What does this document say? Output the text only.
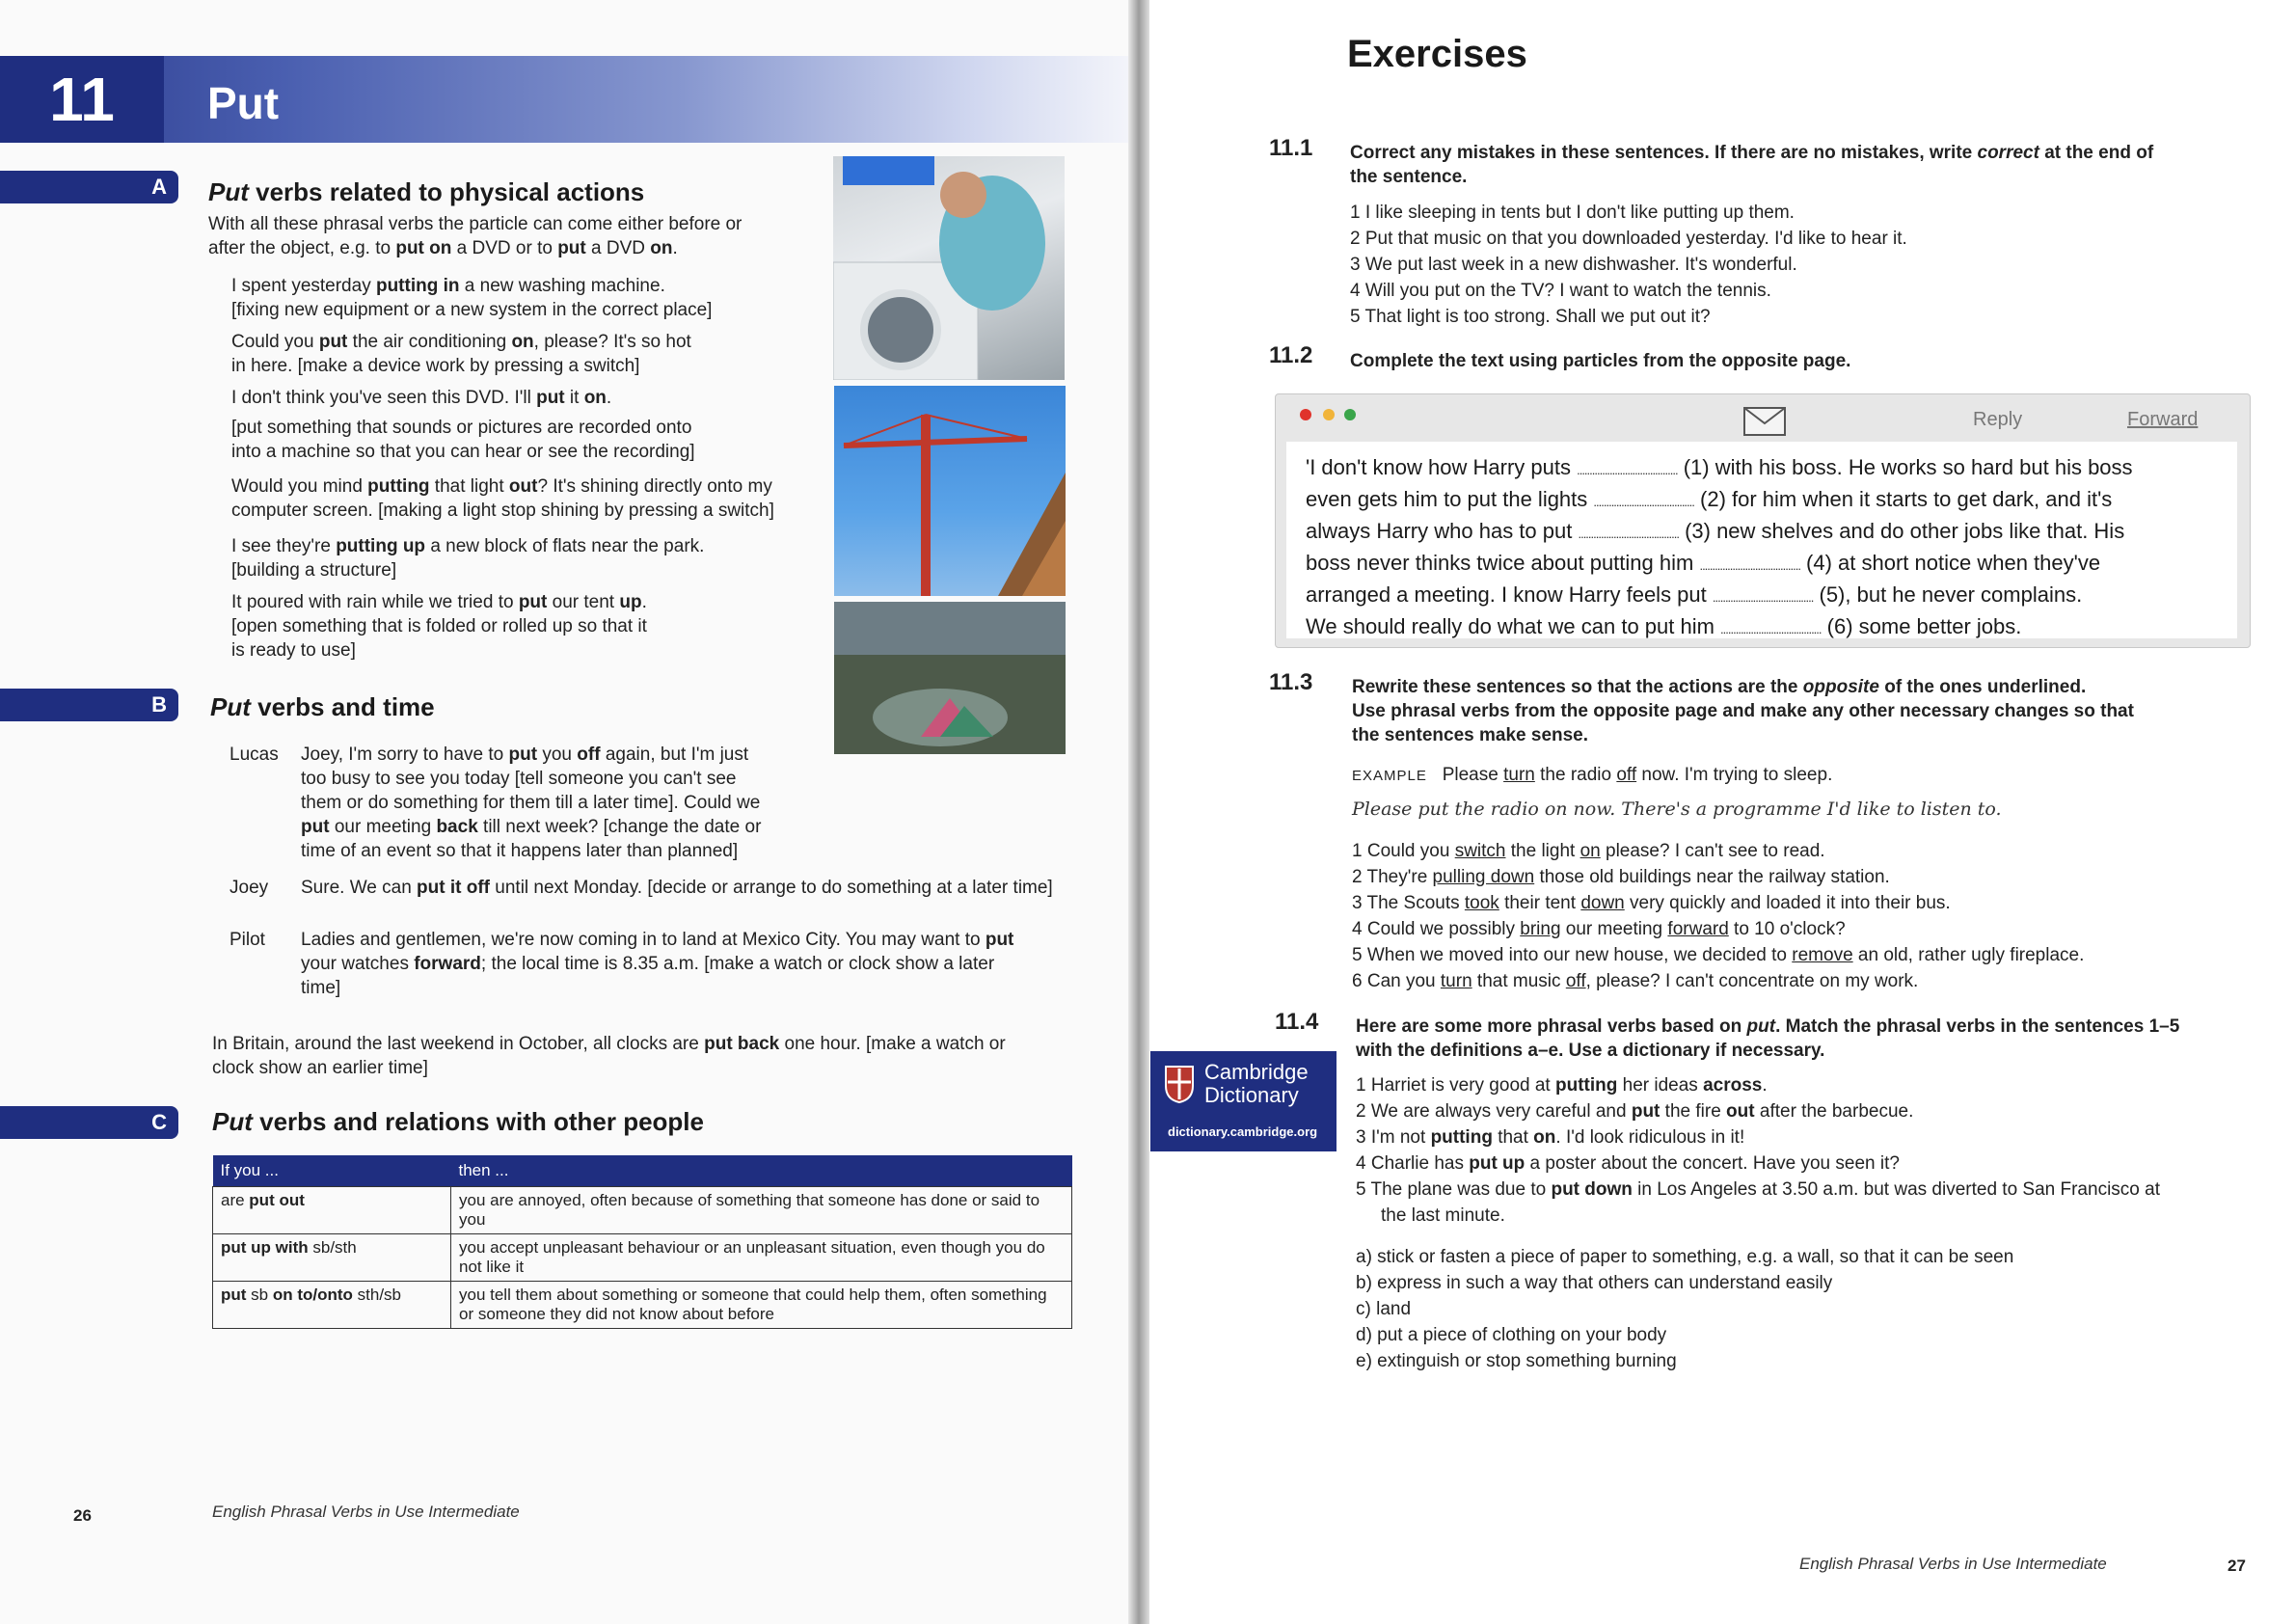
11	Put
A	Put verbs related to physical actions
With all these phrasal verbs the particle can come either before or
after the object, e.g. to put on a DVD or to put a DVD on.
I spent yesterday putting in a new washing machine.
[fixing new equipment or a new system in the correct place]
Could you put the air conditioning on, please? It's so hot
in here. [make a device work by pressing a switch]
I don't think you've seen this DVD. I'll put it on.
[put something that sounds or pictures are recorded onto
into a machine so that you can hear or see the recording]
Would you mind putting that light out? It's shining directly onto my
computer screen. [making a light stop shining by pressing a switch]
I see they're putting up a new block of flats near the park.
[building a structure]
It poured with rain while we tried to put our tent up.
[open something that is folded or rolled up so that it
is ready to use]
B	Put verbs and time
Lucas Joey, I'm sorry to have to put you off again, but I'm just
too busy to see you today [tell someone you can't see
them or do something for them till a later time]. Could we
put our meeting back till next week? [change the date or
time of an event so that it happens later than planned]
Joey Sure. We can put it off until next Monday. [decide or arrange to do something at a later time]
Pilot Ladies and gentlemen, we're now coming in to land at Mexico City. You may want to put
your watches forward; the local time is 8.35 a.m. [make a watch or clock show a later
time]
In Britain, around the last weekend in October, all clocks are put back one hour. [make a watch or
clock show an earlier time]
C	Put verbs and relations with other people
If you ...	then ...
are put out	you are annoyed, often because of something that someone has done or said to you
put up with sb/sth	you accept unpleasant behaviour or an unpleasant situation, even though you do not like it
put sb on to/onto sth/sb	you tell them about something or someone that could help them, often something or someone they did not know about before
26	English Phrasal Verbs in Use Intermediate
Exercises
11.1 Correct any mistakes in these sentences. If there are no mistakes, write correct at the end of
the sentence.
1 I like sleeping in tents but I don't like putting up them.
2 Put that music on that you downloaded yesterday. I'd like to hear it.
3 We put last week in a new dishwasher. It's wonderful.
4 Will you put on the TV? I want to watch the tennis.
5 That light is too strong. Shall we put out it?
11.2 Complete the text using particles from the opposite page.
Reply	Forward
'I don't know how Harry puts ........................................ (1) with his boss. He works so hard but his boss
even gets him to put the lights ........................................ (2) for him when it starts to get dark, and it's
always Harry who has to put ........................................ (3) new shelves and do other jobs like that. His
boss never thinks twice about putting him ........................................ (4) at short notice when they've
arranged a meeting. I know Harry feels put ........................................ (5), but he never complains.
We should really do what we can to put him ........................................ (6) some better jobs.
11.3 Rewrite these sentences so that the actions are the opposite of the ones underlined.
Use phrasal verbs from the opposite page and make any other necessary changes so that
the sentences make sense.
EXAMPLE Please turn the radio off now. I'm trying to sleep.
Please put the radio on now. There's a programme I'd like to listen to.
1 Could you switch the light on please? I can't see to read.
2 They're pulling down those old buildings near the railway station.
3 The Scouts took their tent down very quickly and loaded it into their bus.
4 Could we possibly bring our meeting forward to 10 o'clock?
5 When we moved into our new house, we decided to remove an old, rather ugly fireplace.
6 Can you turn that music off, please? I can't concentrate on my work.
Cambridge
Dictionary
dictionary.cambridge.org
11.4 Here are some more phrasal verbs based on put. Match the phrasal verbs in the sentences 1–5
with the definitions a–e. Use a dictionary if necessary.
1 Harriet is very good at putting her ideas across.
2 We are always very careful and put the fire out after the barbecue.
3 I'm not putting that on. I'd look ridiculous in it!
4 Charlie has put up a poster about the concert. Have you seen it?
5 The plane was due to put down in Los Angeles at 3.50 a.m. but was diverted to San Francisco at
the last minute.
a) stick or fasten a piece of paper to something, e.g. a wall, so that it can be seen
b) express in such a way that others can understand easily
c) land
d) put a piece of clothing on your body
e) extinguish or stop something burning
English Phrasal Verbs in Use Intermediate	27
